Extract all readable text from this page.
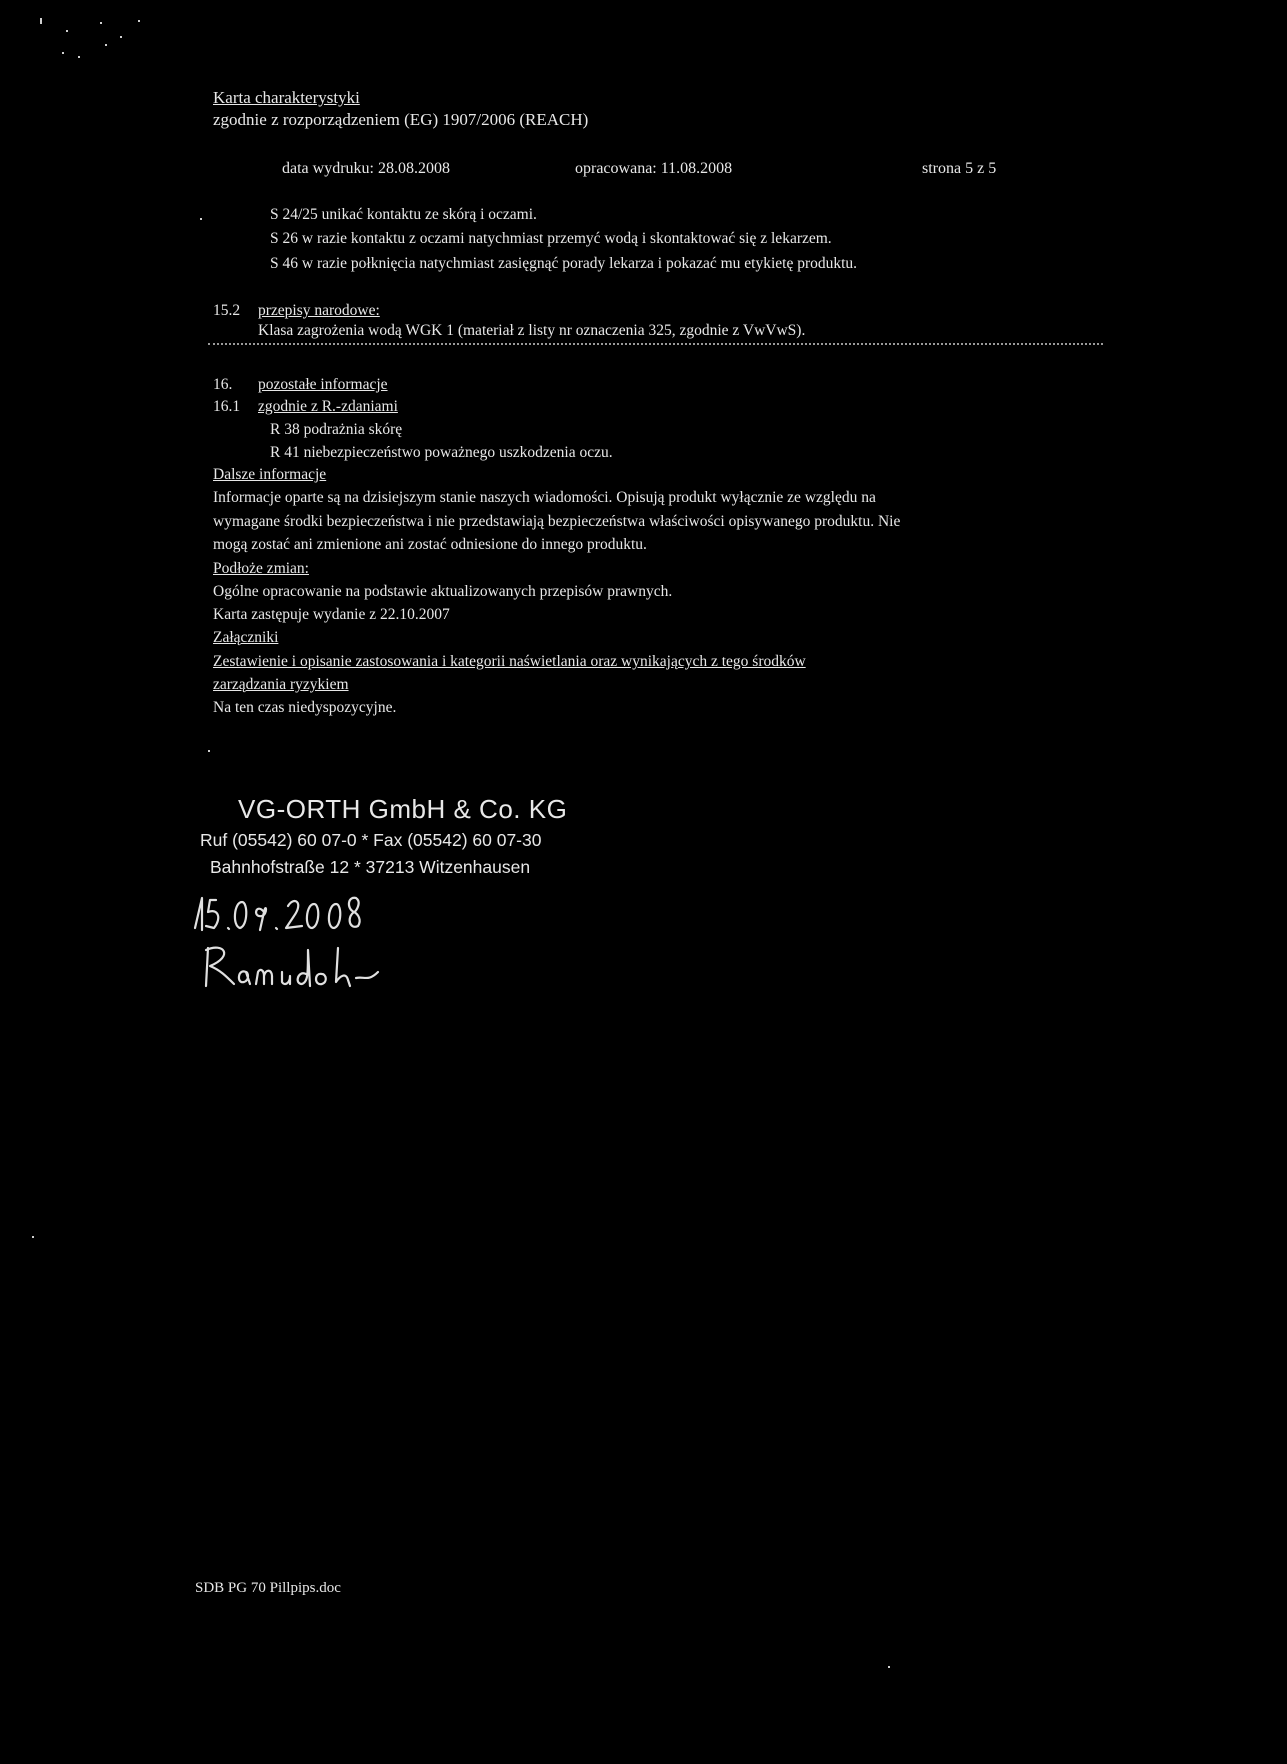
Karta charakterystyki
zgodnie z rozporządzeniem (EG) 1907/2006 (REACH)
data wydruku: 28.08.2008	opracowana: 11.08.2008	strona 5 z 5
S 24/25 unikać kontaktu ze skórą i oczami.
S 26 w razie kontaktu z oczami natychmiast przemyć wodą i skontaktować się z lekarzem.
S 46 w razie połknięcia natychmiast zasięgnąć porady lekarza i pokazać mu etykietę produktu.
15.2 przepisy narodowe:
Klasa zagrożenia wodą WGK 1 (materiał z listy nr oznaczenia 325, zgodnie z VwVwS).
16. pozostałe informacje
16.1 zgodnie z R.-zdaniami
R 38 podrażnia skórę
R 41 niebezpieczeństwo poważnego uszkodzenia oczu.
Dalsze informacje
Informacje oparte są na dzisiejszym stanie naszych wiadomości. Opisują produkt wyłącznie ze względu na
wymagane środki bezpieczeństwa i nie przedstawiają bezpieczeństwa właściwości opisywanego produktu. Nie
mogą zostać ani zmienione ani zostać odniesione do innego produktu.
Podłoże zmian:
Ogólne opracowanie na podstawie aktualizowanych przepisów prawnych.
Karta zastępuje wydanie z 22.10.2007
Załączniki
Zestawienie i opisanie zastosowania i kategorii naświetlania oraz wynikających z tego środków
zarządzania ryzykiem
Na ten czas niedyspozycyjne.
VG-ORTH GmbH & Co. KG
Ruf (05542) 60 07-0 * Fax (05542) 60 07-30
Bahnhofstraße 12 * 37213 Witzenhausen
SDB PG 70 Pillpips.doc
